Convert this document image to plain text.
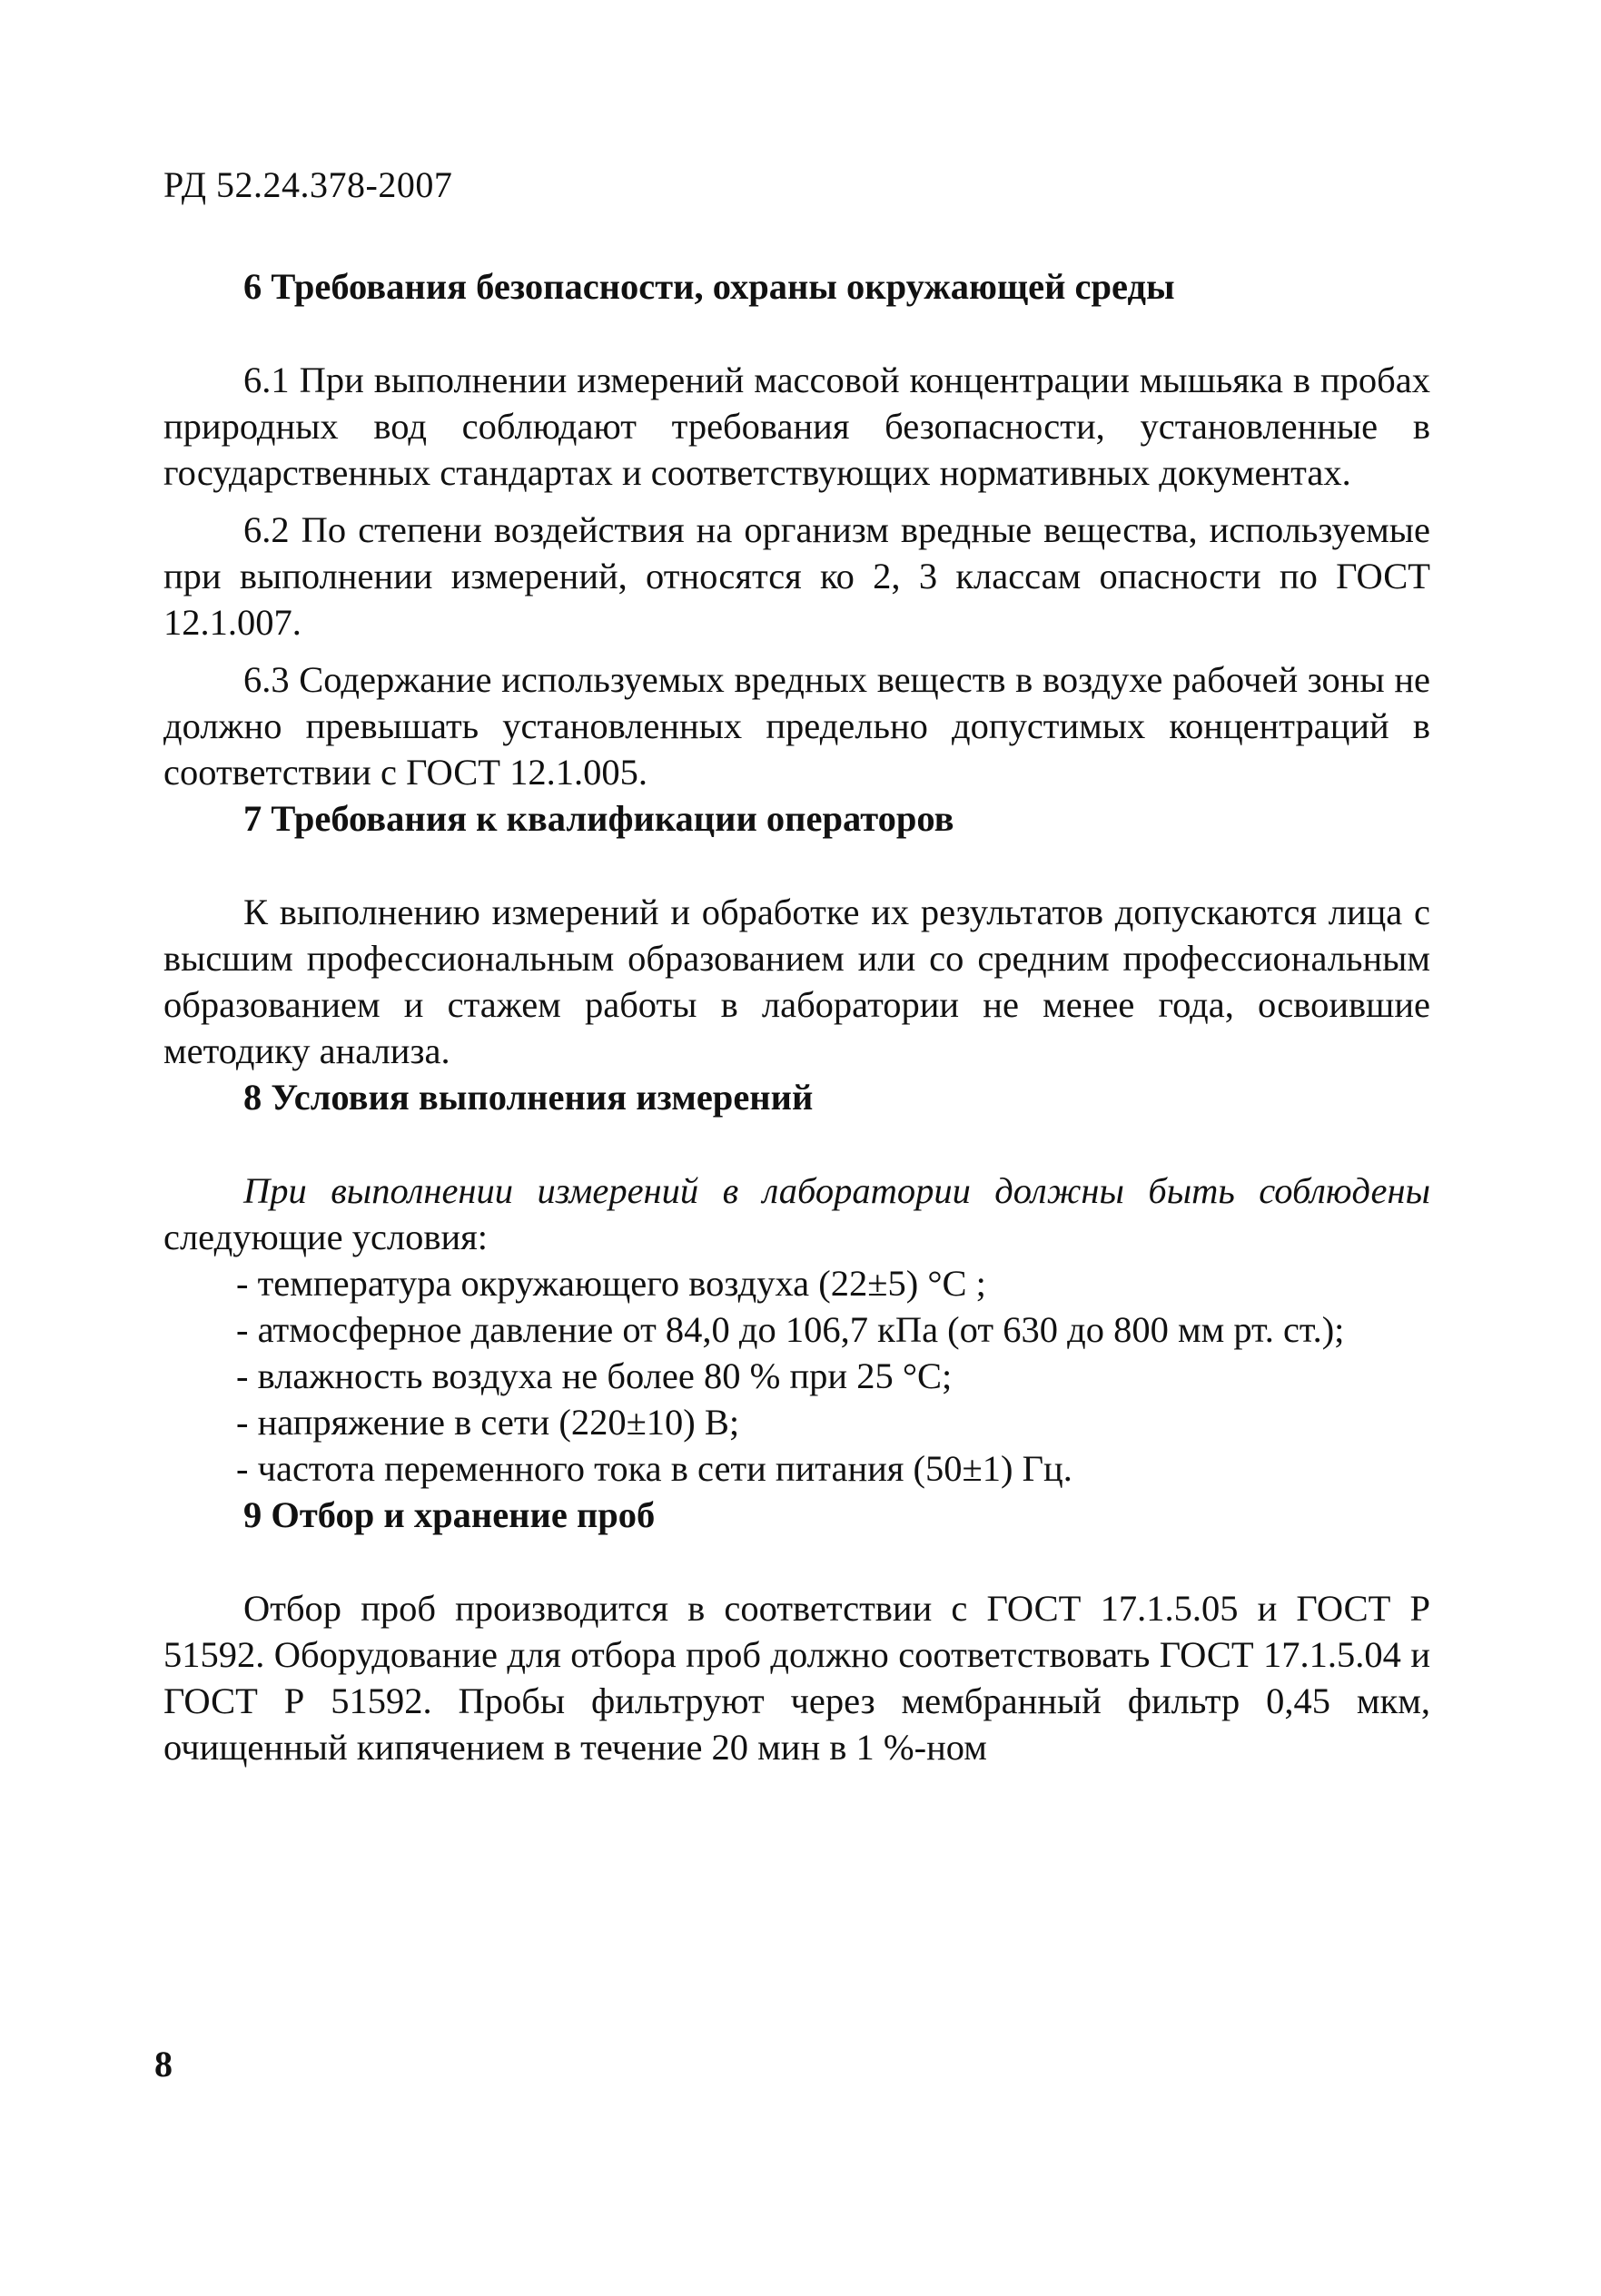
РД 52.24.378-2007
6 Требования безопасности, охраны окружающей среды

6.1 При выполнении измерений массовой концентрации мышьяка в пробах природных вод соблюдают требования безопасности, установленные в государственных стандартах и соответствующих нормативных документах.

6.2 По степени воздействия на организм вредные вещества, используемые при выполнении измерений, относятся ко 2, 3 классам опасности по ГОСТ 12.1.007.

6.3 Содержание используемых вредных веществ в воздухе рабочей зоны не должно превышать установленных предельно допустимых концентраций в соответствии с ГОСТ 12.1.005.

7 Требования к квалификации операторов

К выполнению измерений и обработке их результатов допускаются лица с высшим профессиональным образованием или со средним профессиональным образованием и стажем работы в лаборатории не менее года, освоившие методику анализа.

8 Условия выполнения измерений

При выполнении измерений в лаборатории должны быть соблюдены следующие условия:

- температура окружающего воздуха (22±5) °С ;
- атмосферное давление от 84,0 до 106,7 кПа (от 630 до 800 мм рт. ст.);
- влажность воздуха не более 80 % при 25 °С;
- напряжение в сети (220±10) В;
- частота переменного тока в сети питания (50±1) Гц.
9 Отбор и хранение проб

Отбор проб производится в соответствии с ГОСТ 17.1.5.05 и ГОСТ Р 51592. Оборудование для отбора проб должно соответствовать ГОСТ 17.1.5.04 и ГОСТ Р 51592. Пробы фильтруют через мембранный фильтр 0,45 мкм, очищенный кипячением в течение 20 мин в 1 %-ном

8
